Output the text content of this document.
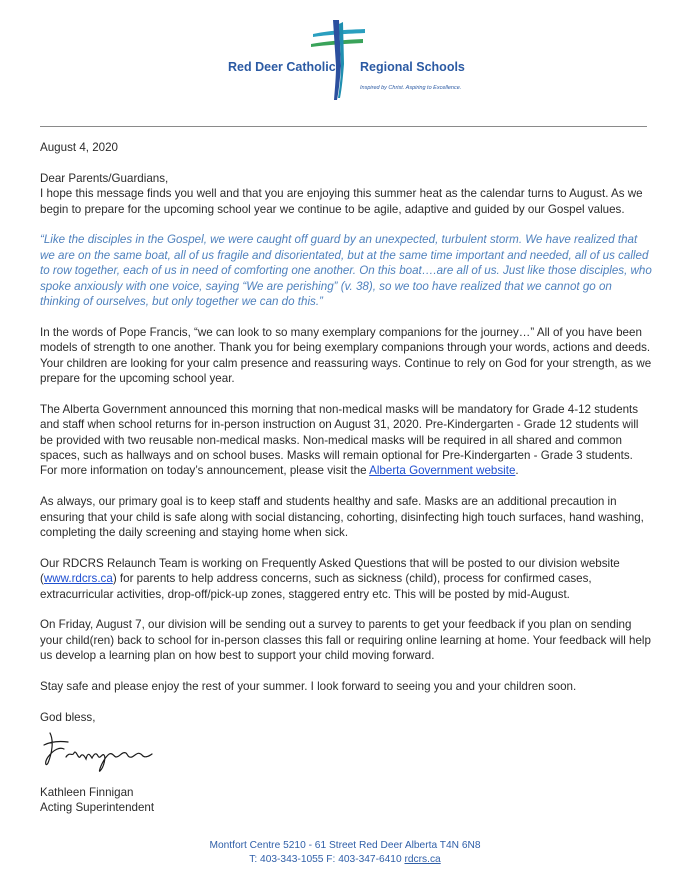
Red Deer Catholic Regional Schools
Inspired by Christ. Aspiring to Excellence.

August 4, 2020

Dear Parents/Guardians,

I hope this message finds you well and that you are enjoying this summer heat as the calendar turns to August. As we begin to prepare for the upcoming school year we continue to be agile, adaptive and guided by our Gospel values.

“Like the disciples in the Gospel, we were caught off guard by an unexpected, turbulent storm. We have realized that we are on the same boat, all of us fragile and disorientated, but at the same time important and needed, all of us called to row together, each of us in need of comforting one another. On this boat….are all of us. Just like those disciples, who spoke anxiously with one voice, saying “We are perishing” (v. 38), so we too have realized that we cannot go on thinking of ourselves, but only together we can do this.”

In the words of Pope Francis, “we can look to so many exemplary companions for the journey…” All of you have been models of strength to one another. Thank you for being exemplary companions through your words, actions and deeds. Your children are looking for your calm presence and reassuring ways. Continue to rely on God for your strength, as we prepare for the upcoming school year.

The Alberta Government announced this morning that non-medical masks will be mandatory for Grade 4-12 students and staff when school returns for in-person instruction on August 31, 2020. Pre-Kindergarten - Grade 12 students will be provided with two reusable non-medical masks. Non-medical masks will be required in all shared and common spaces, such as hallways and on school buses. Masks will remain optional for Pre-Kindergarten - Grade 3 students. For more information on today’s announcement, please visit the Alberta Government website.

As always, our primary goal is to keep staff and students healthy and safe. Masks are an additional precaution in ensuring that your child is safe along with social distancing, cohorting, disinfecting high touch surfaces, hand washing, completing the daily screening and staying home when sick.

Our RDCRS Relaunch Team is working on Frequently Asked Questions that will be posted to our division website (www.rdcrs.ca) for parents to help address concerns, such as sickness (child), process for confirmed cases, extracurricular activities, drop-off/pick-up zones, staggered entry etc. This will be posted by mid-August.

On Friday, August 7, our division will be sending out a survey to parents to get your feedback if you plan on sending your child(ren) back to school for in-person classes this fall or requiring online learning at home. Your feedback will help us develop a learning plan on how best to support your child moving forward.

Stay safe and please enjoy the rest of your summer. I look forward to seeing you and your children soon.

God bless,

Kathleen Finnigan
Acting Superintendent
Montfort Centre 5210 - 61 Street Red Deer Alberta T4N 6N8
T: 403-343-1055 F: 403-347-6410 rdcrs.ca
